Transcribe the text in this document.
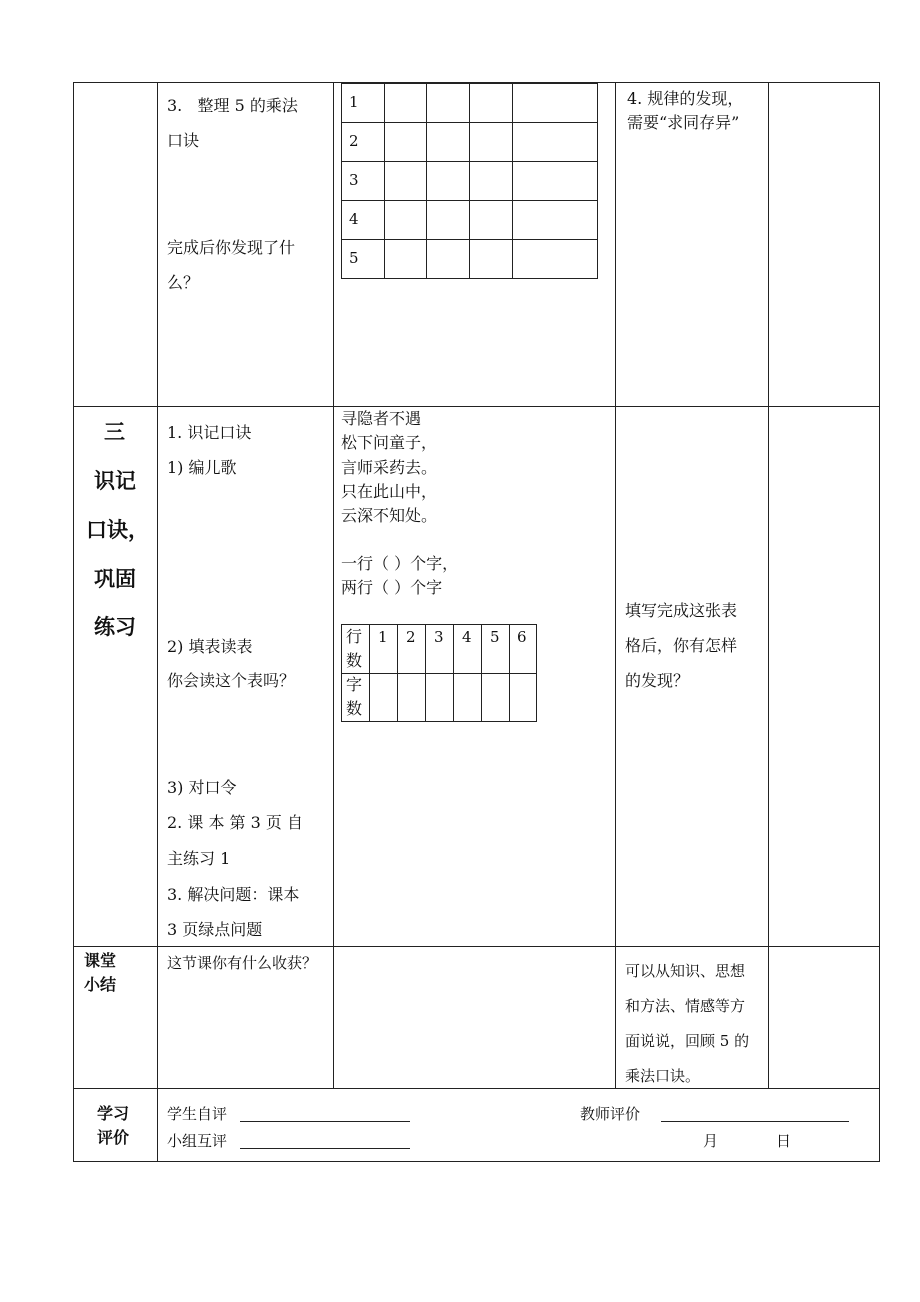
3. 整理 5 的乘法
口诀
完成后你发现了什
么？
1
2
3
4
5
4. 规律的发现，
需要“求同存异”
三
识记
口诀，
巩固
练习
1. 识记口诀
1) 编儿歌
2) 填表读表
你会读这个表吗？
3) 对口令
2. 课 本 第 3 页 自
主练习 1
3. 解决问题：课本
3 页绿点问题
寻隐者不遇
松下问童子，
言师采药去。
只在此山中，
云深不知处。
一行（ ）个字，
两行（ ）个字
行
数
字
数
1 2 3 4 5 6
填写完成这张表
格后，你有怎样
的发现？
课堂
小结
这节课你有什么收获？	可以从知识、思想
和方法、情感等方
面说说，回顾 5 的
乘法口诀。
学习
评价
学生自评
小组互评
教师评价
月	日
